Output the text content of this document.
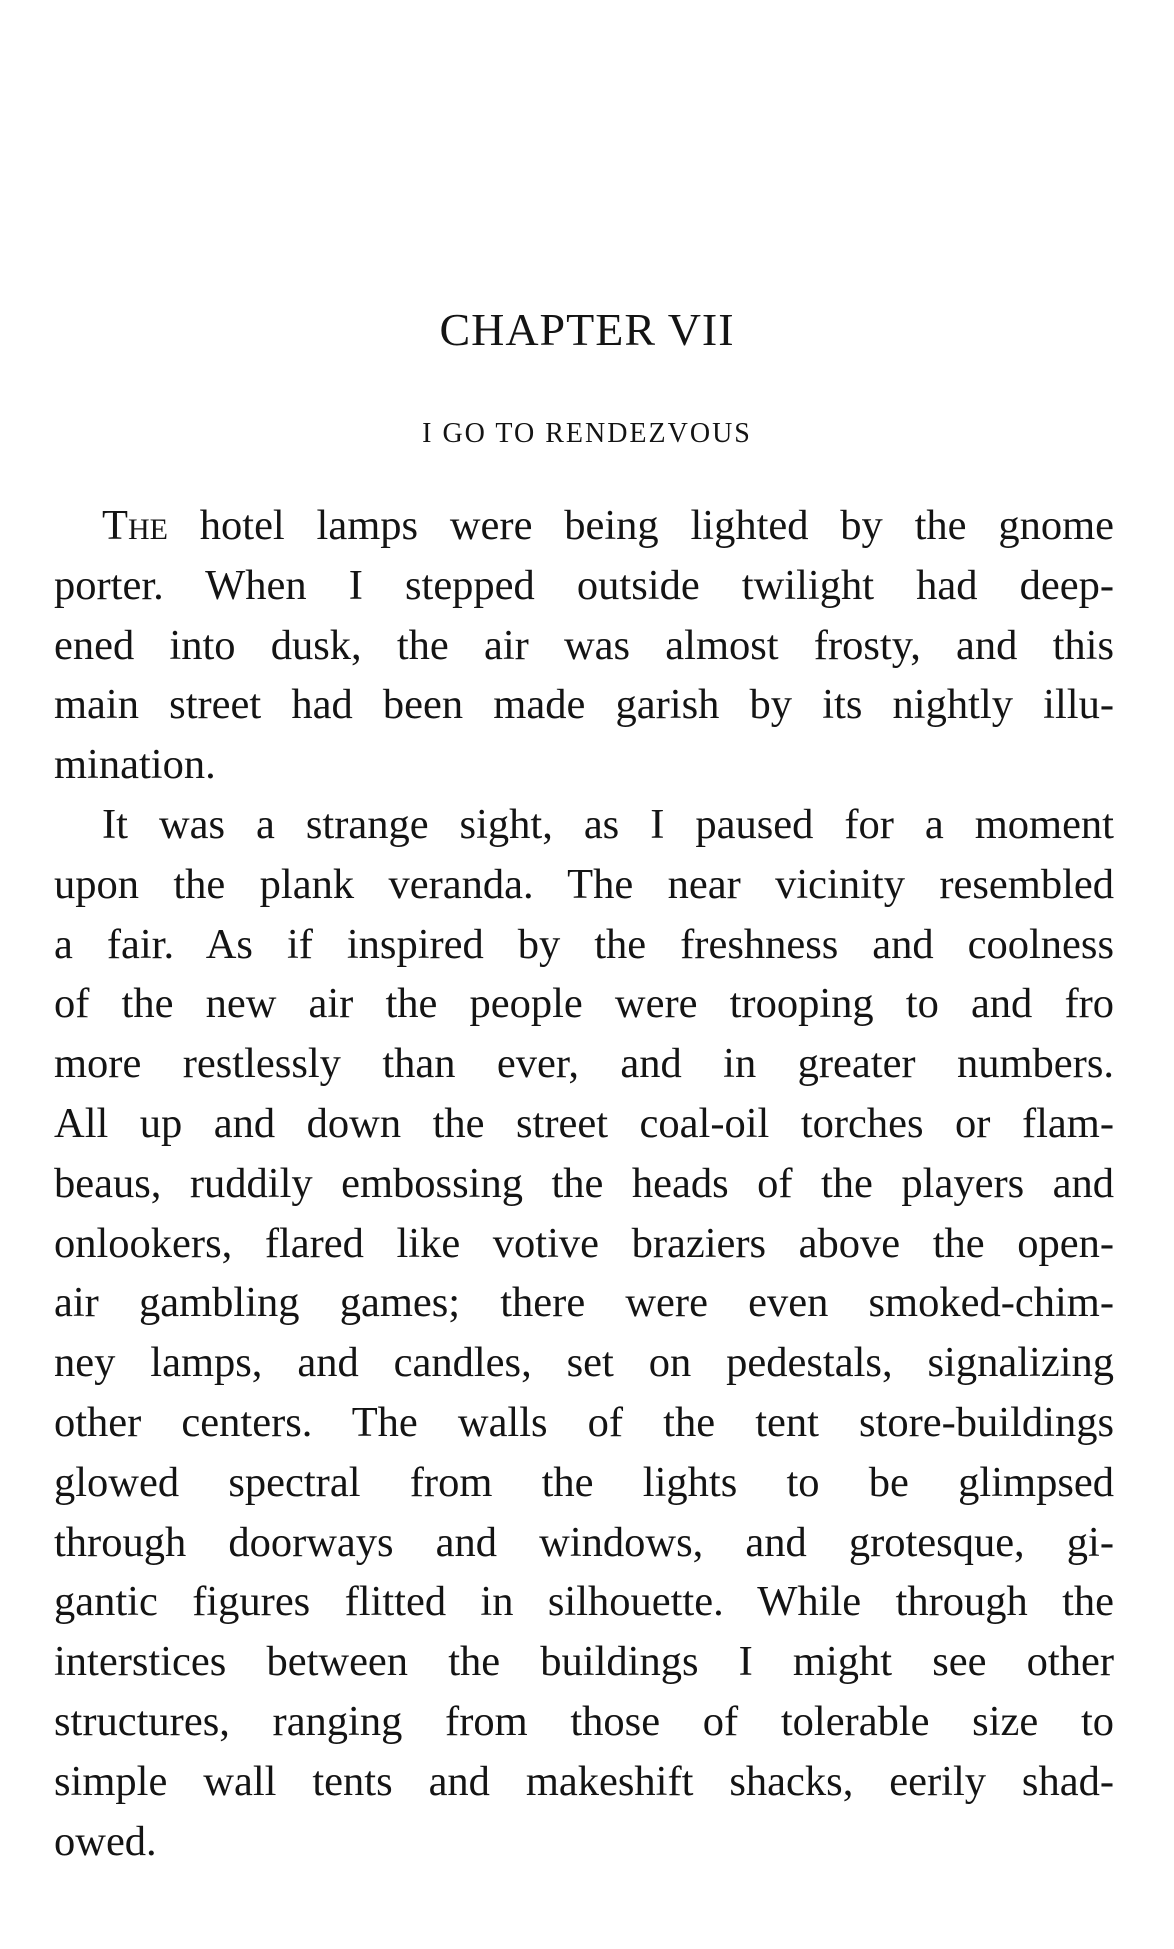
CHAPTER VII
I GO TO RENDEZVOUS
The hotel lamps were being lighted by the gnome
porter. When I stepped outside twilight had deep-
ened into dusk, the air was almost frosty, and this
main street had been made garish by its nightly illu-
mination.
It was a strange sight, as I paused for a moment
upon the plank veranda. The near vicinity resembled
a fair. As if inspired by the freshness and coolness
of the new air the people were trooping to and fro
more restlessly than ever, and in greater numbers.
All up and down the street coal-oil torches or flam-
beaus, ruddily embossing the heads of the players and
onlookers, flared like votive braziers above the open-
air gambling games; there were even smoked-chim-
ney lamps, and candles, set on pedestals, signalizing
other centers. The walls of the tent store-buildings
glowed spectral from the lights to be glimpsed
through doorways and windows, and grotesque, gi-
gantic figures flitted in silhouette. While through the
interstices between the buildings I might see other
structures, ranging from those of tolerable size to
simple wall tents and makeshift shacks, eerily shad-
owed.
